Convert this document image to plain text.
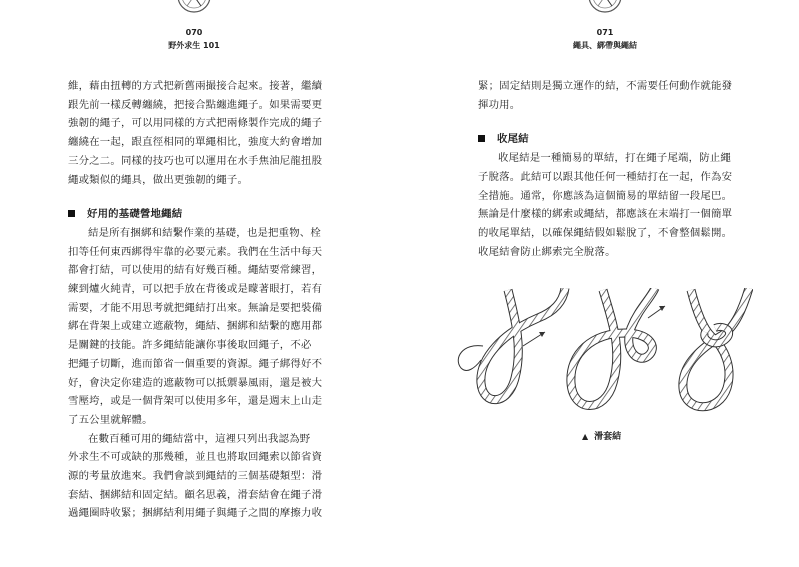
070
野外求生 101

維，藉由扭轉的方式把新舊兩撮接合起來。接著，繼續
跟先前一樣反轉纏繞，把接合點纏進繩子。如果需要更
強韌的繩子，可以用同樣的方式把兩條製作完成的繩子
纏繞在一起，跟直徑相同的單繩相比，強度大約會增加
三分之二。同樣的技巧也可以運用在水手焦油尼龍扭股
繩或類似的繩具，做出更強韌的繩子。

好用的基礎營地繩結

結是所有捆綁和結繫作業的基礎，也是把重物、栓
扣等任何東西綁得牢靠的必要元素。我們在生活中每天
都會打結，可以使用的結有好幾百種。繩結要常練習，
練到爐火純青，可以把手放在背後或是矇著眼打，若有
需要，才能不用思考就把繩結打出來。無論是要把裝備
綁在背架上或建立遮蔽物，繩結、捆綁和結繫的應用都
是關鍵的技能。許多繩結能讓你事後取回繩子，不必
把繩子切斷，進而節省一個重要的資源。繩子綁得好不
好，會決定你建造的遮蔽物可以抵禦暴風雨，還是被大
雪壓垮，或是一個背架可以使用多年，還是週末上山走
了五公里就解體。

在數百種可用的繩結當中，這裡只列出我認為野
外求生不可或缺的那幾種，並且也將取回繩索以節省資
源的考量放進來。我們會談到繩結的三個基礎類型：滑
套結、捆綁結和固定結。顧名思義，滑套結會在繩子滑
過繩圈時收緊；捆綁結利用繩子與繩子之間的摩擦力收

071
繩具、綁帶與繩結

緊；固定結則是獨立運作的結，不需要任何動作就能發
揮功用。

收尾結

收尾結是一種簡易的單結，打在繩子尾端，防止繩
子脫落。此結可以跟其他任何一種結打在一起，作為安
全措施。通常，你應該為這個簡易的單結留一段尾巴。
無論是什麼樣的綁索或繩結，都應該在末端打一個簡單
的收尾單結，以確保繩結假如鬆脫了，不會整個鬆開。
收尾結會防止綁索完全脫落。

▲ 滑套結
